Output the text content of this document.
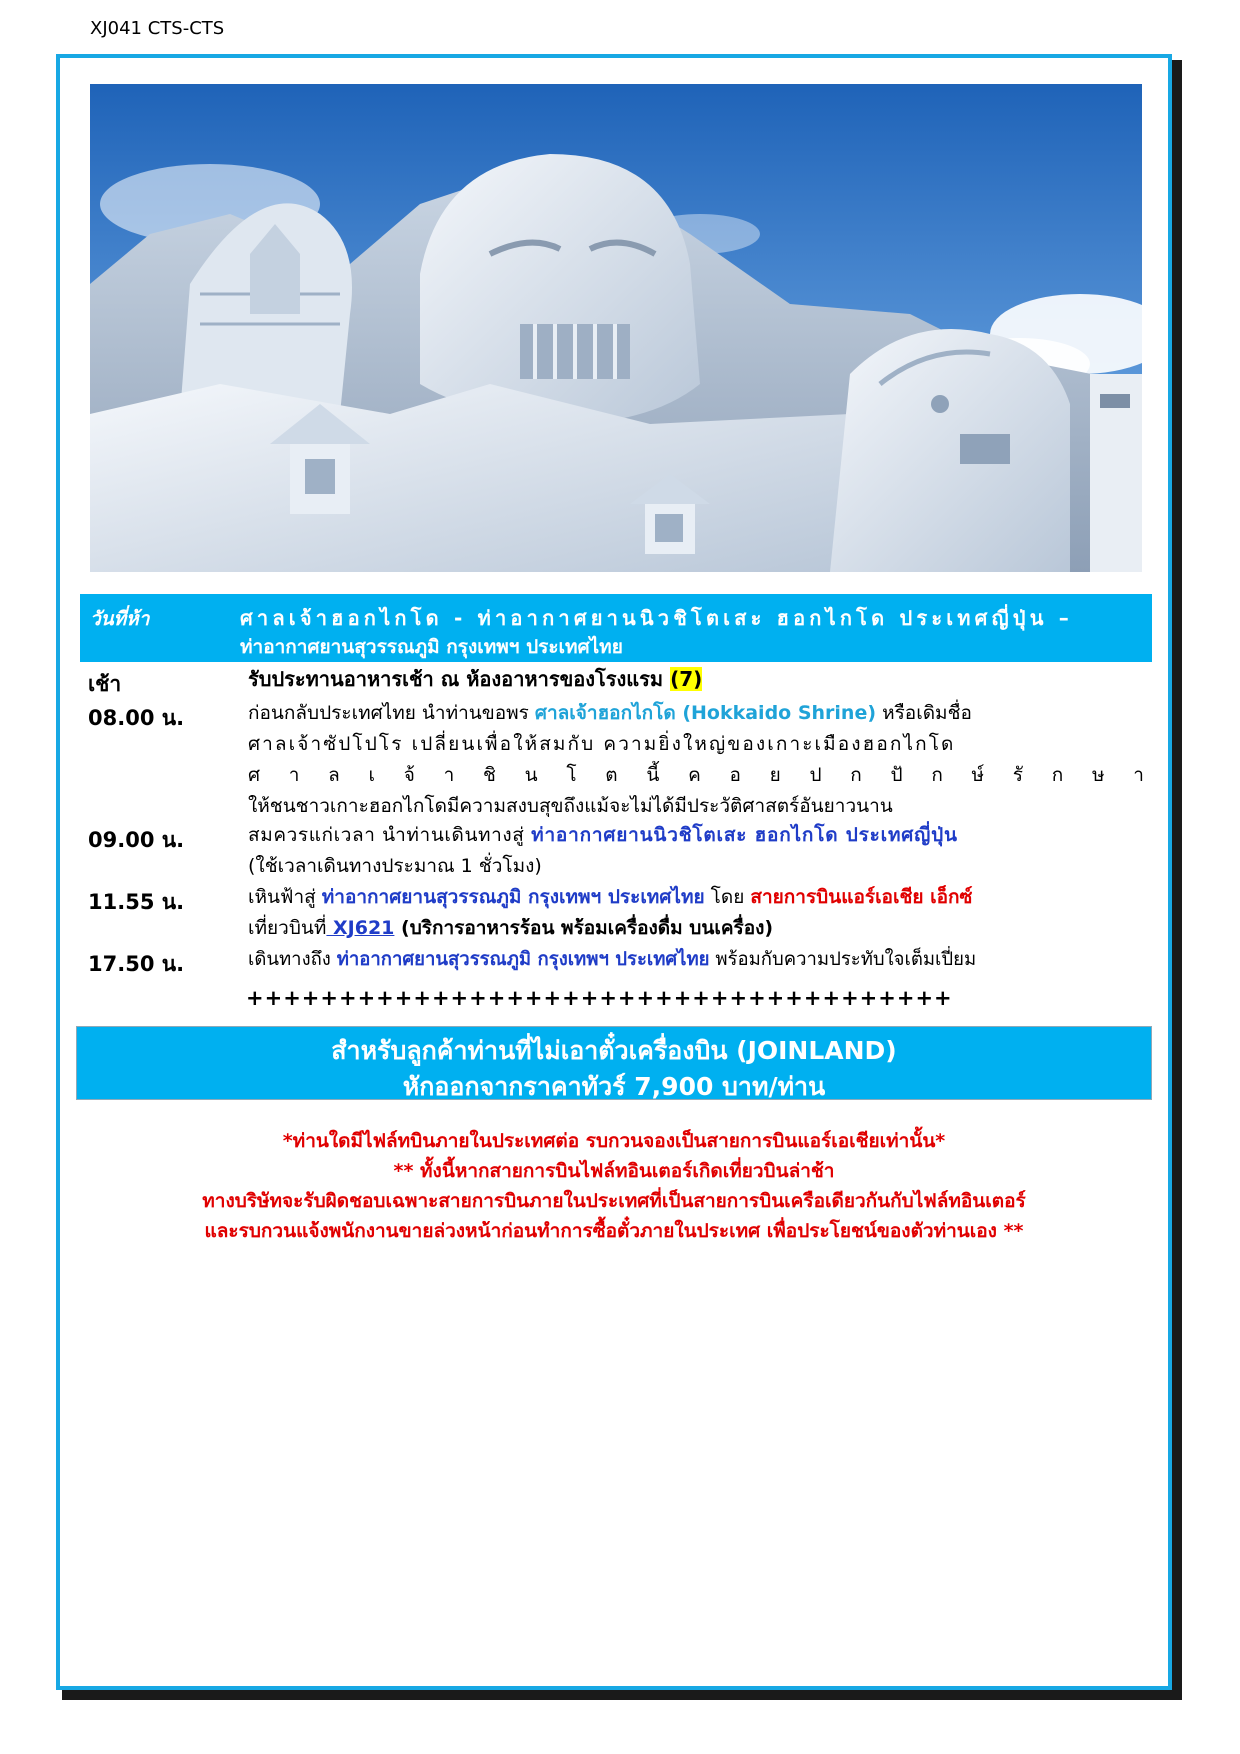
XJ041 CTS-CTS
วันที่ห้า	ศาลเจ้าฮอกไกโด - ท่าอากาศยานนิวชิโตเสะ ฮอกไกโด ประเทศญี่ปุ่น –
ท่าอากาศยานสุวรรณภูมิ กรุงเทพฯ ประเทศไทย
เช้า	รับประทานอาหารเช้า ณ ห้องอาหารของโรงแรม (7)
08.00 น.	ก่อนกลับประเทศไทย นำท่านขอพร ศาลเจ้าฮอกไกโด (Hokkaido Shrine) หรือเดิมชื่อ
ศาลเจ้าซัปโปโร เปลี่ยนเพื่อให้สมกับ ความยิ่งใหญ่ของเกาะเมืองฮอกไกโด
ศ า ล เ จ้ า ชิ น โ ต นี้ ค อ ย ป ก ปั ก ษ์ รั ก ษ า
ให้ชนชาวเกาะฮอกไกโดมีความสงบสุขถึงแม้จะไม่ได้มีประวัติศาสตร์อันยาวนาน
09.00 น.	สมควรแก่เวลา นำท่านเดินทางสู่ ท่าอากาศยานนิวชิโตเสะ ฮอกไกโด ประเทศญี่ปุ่น
(ใช้เวลาเดินทางประมาณ 1 ชั่วโมง)
11.55 น.	เหินฟ้าสู่ ท่าอากาศยานสุวรรณภูมิ กรุงเทพฯ ประเทศไทย โดย สายการบินแอร์เอเชีย เอ็กซ์
เที่ยวบินที่ XJ621 (บริการอาหารร้อน พร้อมเครื่องดื่ม บนเครื่อง)
17.50 น.	เดินทางถึง ท่าอากาศยานสุวรรณภูมิ กรุงเทพฯ ประเทศไทย พร้อมกับความประทับใจเต็มเปี่ยม
++++++++++++++++++++++++++++++++++++++
สำหรับลูกค้าท่านที่ไม่เอาตั๋วเครื่องบิน (JOINLAND)
หักออกจากราคาทัวร์ 7,900 บาท/ท่าน
*ท่านใดมีไฟล์ทบินภายในประเทศต่อ รบกวนจองเป็นสายการบินแอร์เอเชียเท่านั้น*
** ทั้งนี้หากสายการบินไฟล์ทอินเตอร์เกิดเที่ยวบินล่าช้า
ทางบริษัทจะรับผิดชอบเฉพาะสายการบินภายในประเทศที่เป็นสายการบินเครือเดียวกันกับไฟล์ทอินเตอร์
และรบกวนแจ้งพนักงานขายล่วงหน้าก่อนทำการซื้อตั๋วภายในประเทศ เพื่อประโยชน์ของตัวท่านเอง **
